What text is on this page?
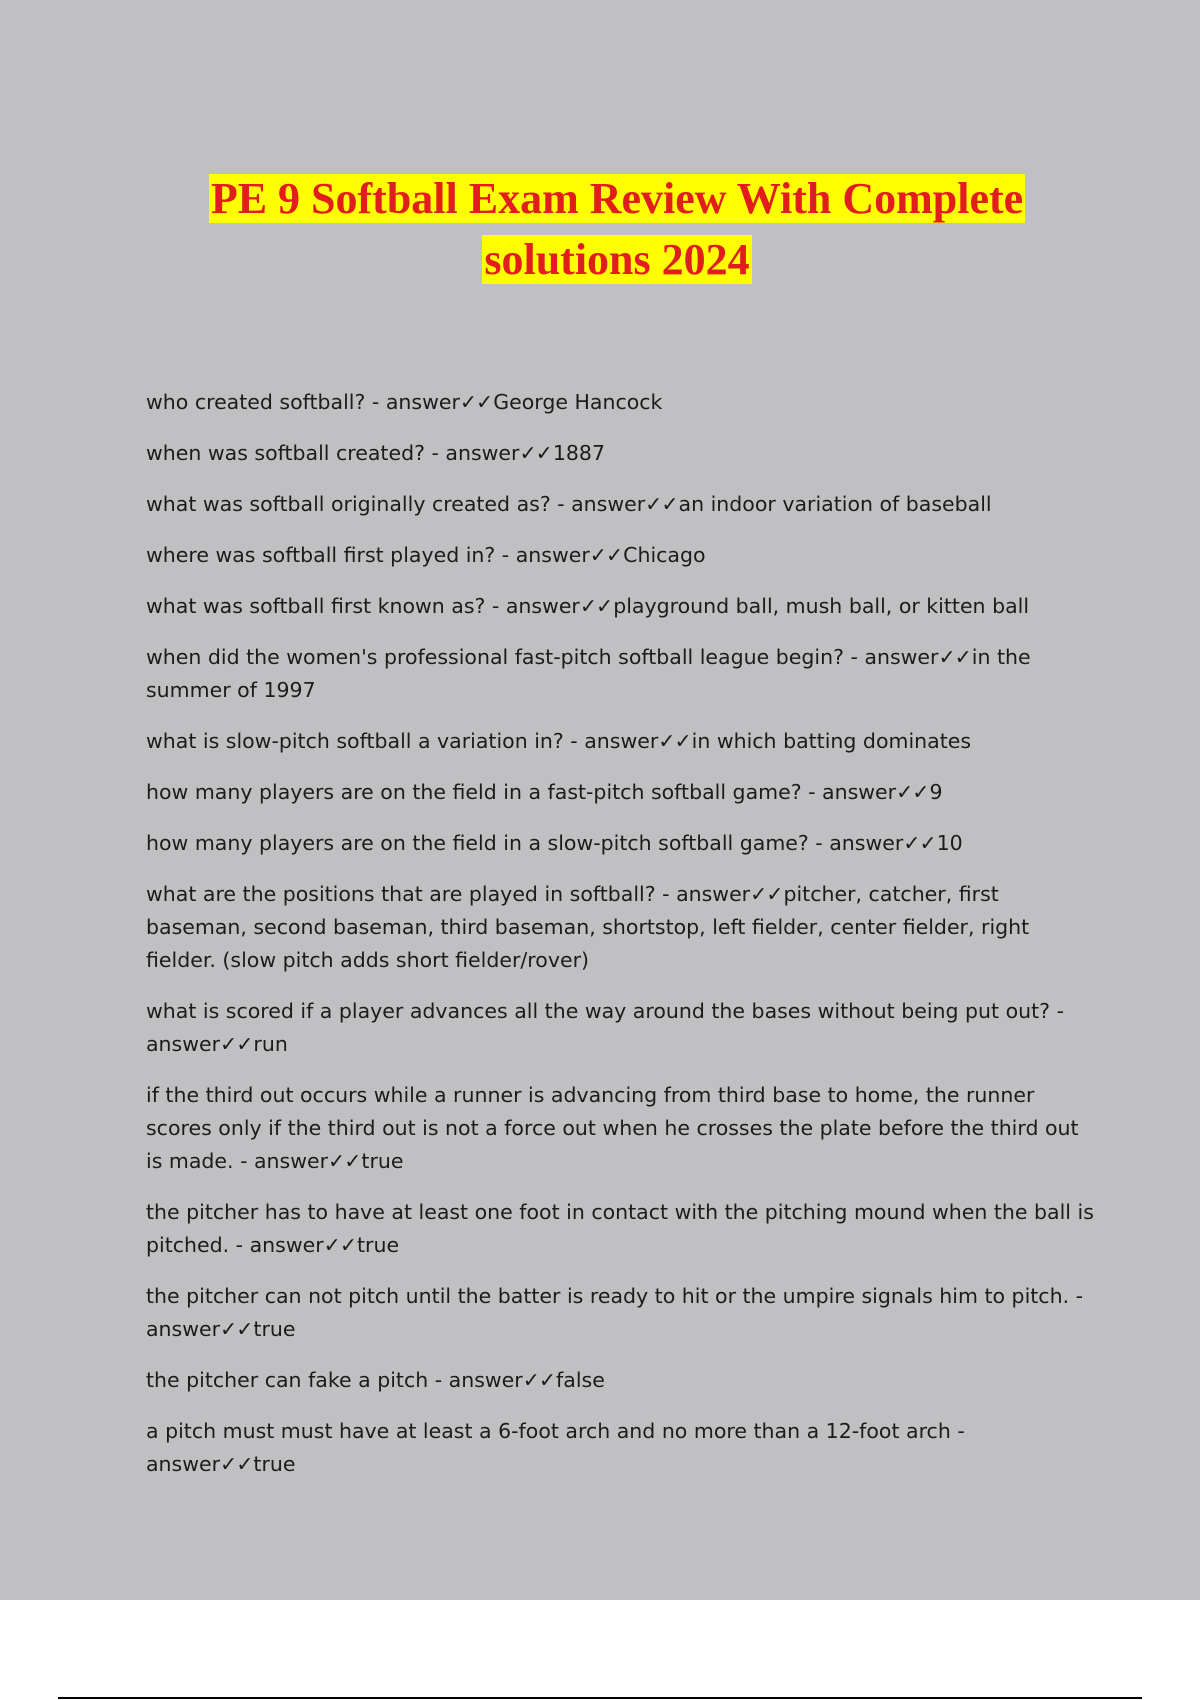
PE 9 Softball Exam Review With Complete
solutions 2024
who created softball? - answer✓✓George Hancock
when was softball created? - answer✓✓1887
what was softball originally created as? - answer✓✓an indoor variation of baseball
where was softball first played in? - answer✓✓Chicago
what was softball first known as? - answer✓✓playground ball, mush ball, or kitten ball
when did the women's professional fast-pitch softball league begin? - answer✓✓in the summer of 1997
what is slow-pitch softball a variation in? - answer✓✓in which batting dominates
how many players are on the field in a fast-pitch softball game? - answer✓✓9
how many players are on the field in a slow-pitch softball game? - answer✓✓10
what are the positions that are played in softball? - answer✓✓pitcher, catcher, first baseman, second baseman, third baseman, shortstop, left fielder, center fielder, right fielder. (slow pitch adds short fielder/rover)
what is scored if a player advances all the way around the bases without being put out? - answer✓✓run
if the third out occurs while a runner is advancing from third base to home, the runner scores only if the third out is not a force out when he crosses the plate before the third out is made. - answer✓✓true
the pitcher has to have at least one foot in contact with the pitching mound when the ball is pitched. - answer✓✓true
the pitcher can not pitch until the batter is ready to hit or the umpire signals him to pitch. - answer✓✓true
the pitcher can fake a pitch - answer✓✓false
a pitch must must have at least a 6-foot arch and no more than a 12-foot arch - answer✓✓true
